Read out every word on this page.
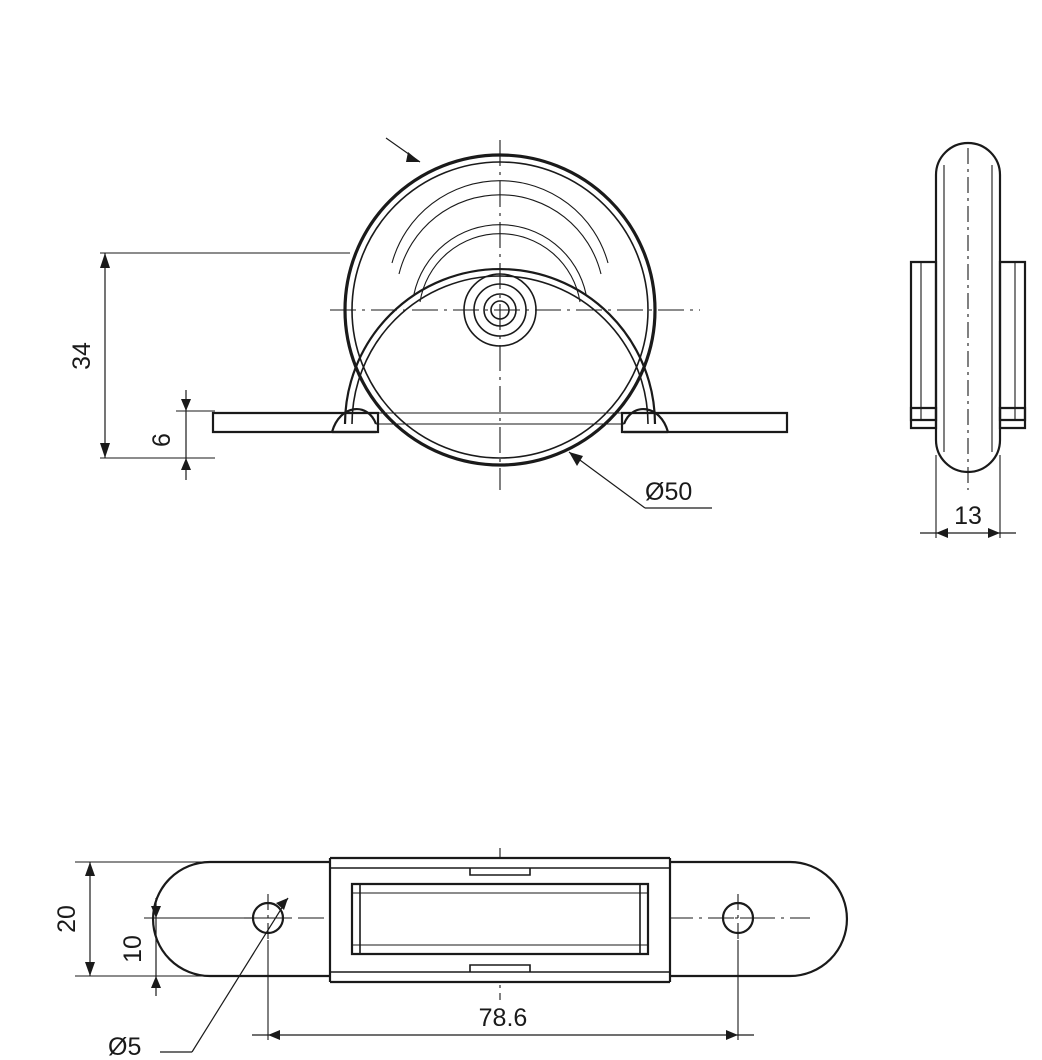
34
6
Ø50
13
20
10
Ø5
78.6
